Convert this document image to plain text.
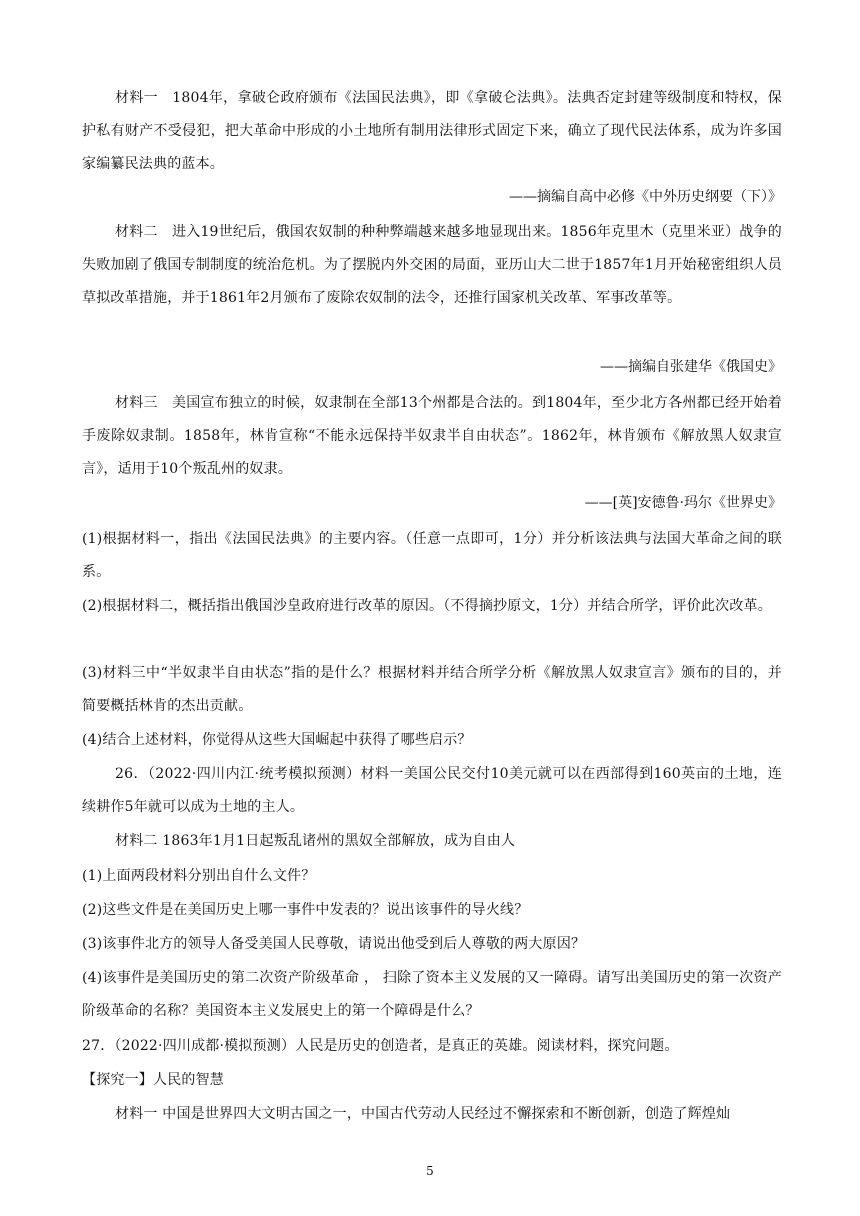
材料一　1804年，拿破仑政府颁布《法国民法典》，即《拿破仑法典》。法典否定封建等级制度和特权，保护私有财产不受侵犯，把大革命中形成的小土地所有制用法律形式固定下来，确立了现代民法体系，成为许多国家编纂民法典的蓝本。

——摘编自高中必修《中外历史纲要（下）》

材料二　进入19世纪后，俄国农奴制的种种弊端越来越多地显现出来。1856年克里木（克里米亚）战争的失败加剧了俄国专制制度的统治危机。为了摆脱内外交困的局面，亚历山大二世于1857年1月开始秘密组织人员草拟改革措施，并于1861年2月颁布了废除农奴制的法令，还推行国家机关改革、军事改革等。

——摘编自张建华《俄国史》

材料三　美国宣布独立的时候，奴隶制在全部13个州都是合法的。到1804年，至少北方各州都已经开始着手废除奴隶制。1858年，林肯宣称“不能永远保持半奴隶半自由状态”。1862年，林肯颁布《解放黑人奴隶宣言》，适用于10个叛乱州的奴隶。

——[英]安德鲁·玛尔《世界史》

(1)根据材料一，指出《法国民法典》的主要内容。（任意一点即可，1分）并分析该法典与法国大革命之间的联系。

(2)根据材料二，概括指出俄国沙皇政府进行改革的原因。（不得摘抄原文，1分）并结合所学，评价此次改革。

(3)材料三中“半奴隶半自由状态”指的是什么？根据材料并结合所学分析《解放黑人奴隶宣言》颁布的目的，并简要概括林肯的杰出贡献。

(4)结合上述材料，你觉得从这些大国崛起中获得了哪些启示？

26．（2022·四川内江·统考模拟预测）材料一美国公民交付10美元就可以在西部得到160英亩的土地，连续耕作5年就可以成为土地的主人。

材料二 1863年1月1日起叛乱诸州的黑奴全部解放，成为自由人

(1)上面两段材料分别出自什么文件？

(2)这些文件是在美国历史上哪一事件中发表的？说出该事件的导火线？

(3)该事件北方的领导人备受美国人民尊敬，请说出他受到后人尊敬的两大原因？

(4)该事件是美国历史的第二次资产阶级革命 ， 扫除了资本主义发展的又一障碍。请写出美国历史的第一次资产阶级革命的名称？美国资本主义发展史上的第一个障碍是什么？

27．（2022·四川成都·模拟预测）人民是历史的创造者，是真正的英雄。阅读材料，探究问题。

【探究一】人民的智慧

材料一 中国是世界四大文明古国之一，中国古代劳动人民经过不懈探索和不断创新，创造了辉煌灿

5
